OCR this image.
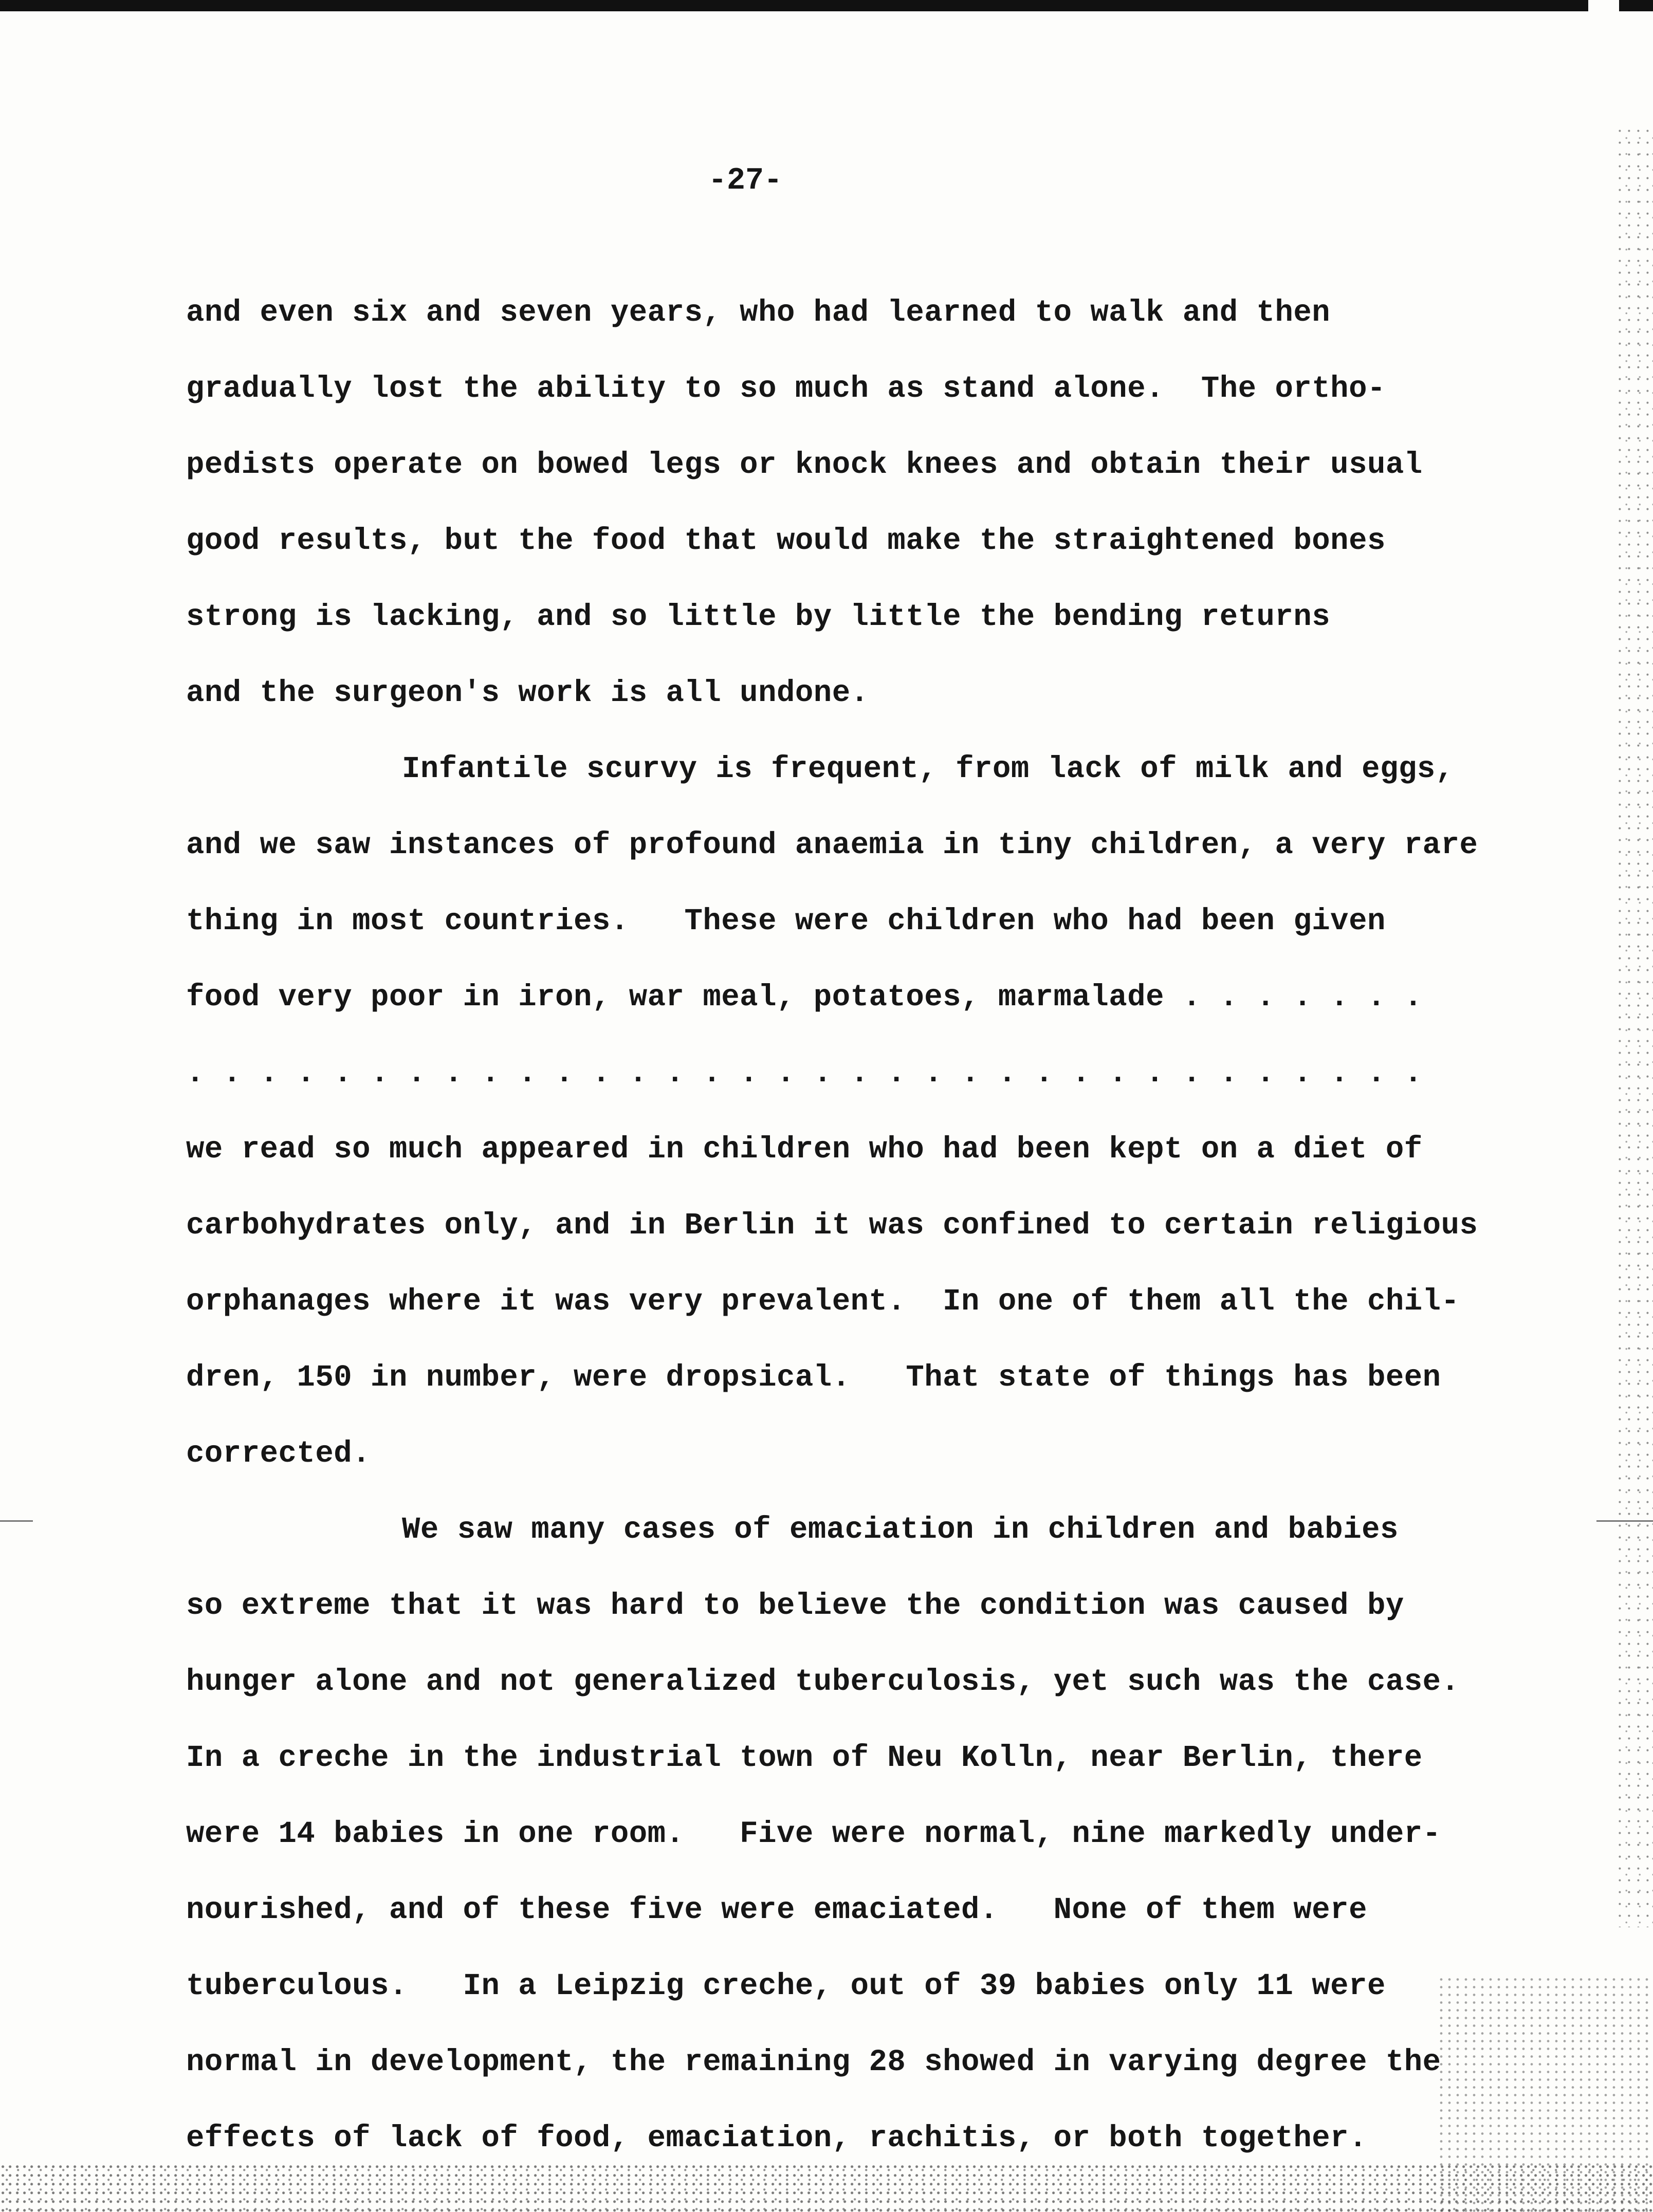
-27-
and even six and seven years, who had learned to walk and then
gradually lost the ability to so much as stand alone.  The ortho-
pedists operate on bowed legs or knock knees and obtain their usual
good results, but the food that would make the straightened bones
strong is lacking, and so little by little the bending returns
and the surgeon's work is all undone.
Infantile scurvy is frequent, from lack of milk and eggs,
and we saw instances of profound anaemia in tiny children, a very rare
thing in most countries.   These were children who had been given
food very poor in iron, war meal, potatoes, marmalade . . . . . . .
. . . . . . . . . . . . . . . . . . . . . . . . . . . . . . . . . .
we read so much appeared in children who had been kept on a diet of
carbohydrates only, and in Berlin it was confined to certain religious
orphanages where it was very prevalent.  In one of them all the chil-
dren, 150 in number, were dropsical.   That state of things has been
corrected.
We saw many cases of emaciation in children and babies
so extreme that it was hard to believe the condition was caused by
hunger alone and not generalized tuberculosis, yet such was the case.
In a creche in the industrial town of Neu Kolln, near Berlin, there
were 14 babies in one room.   Five were normal, nine markedly under-
nourished, and of these five were emaciated.   None of them were
tuberculous.   In a Leipzig creche, out of 39 babies only 11 were
normal in development, the remaining 28 showed in varying degree the
effects of lack of food, emaciation, rachitis, or both together.
